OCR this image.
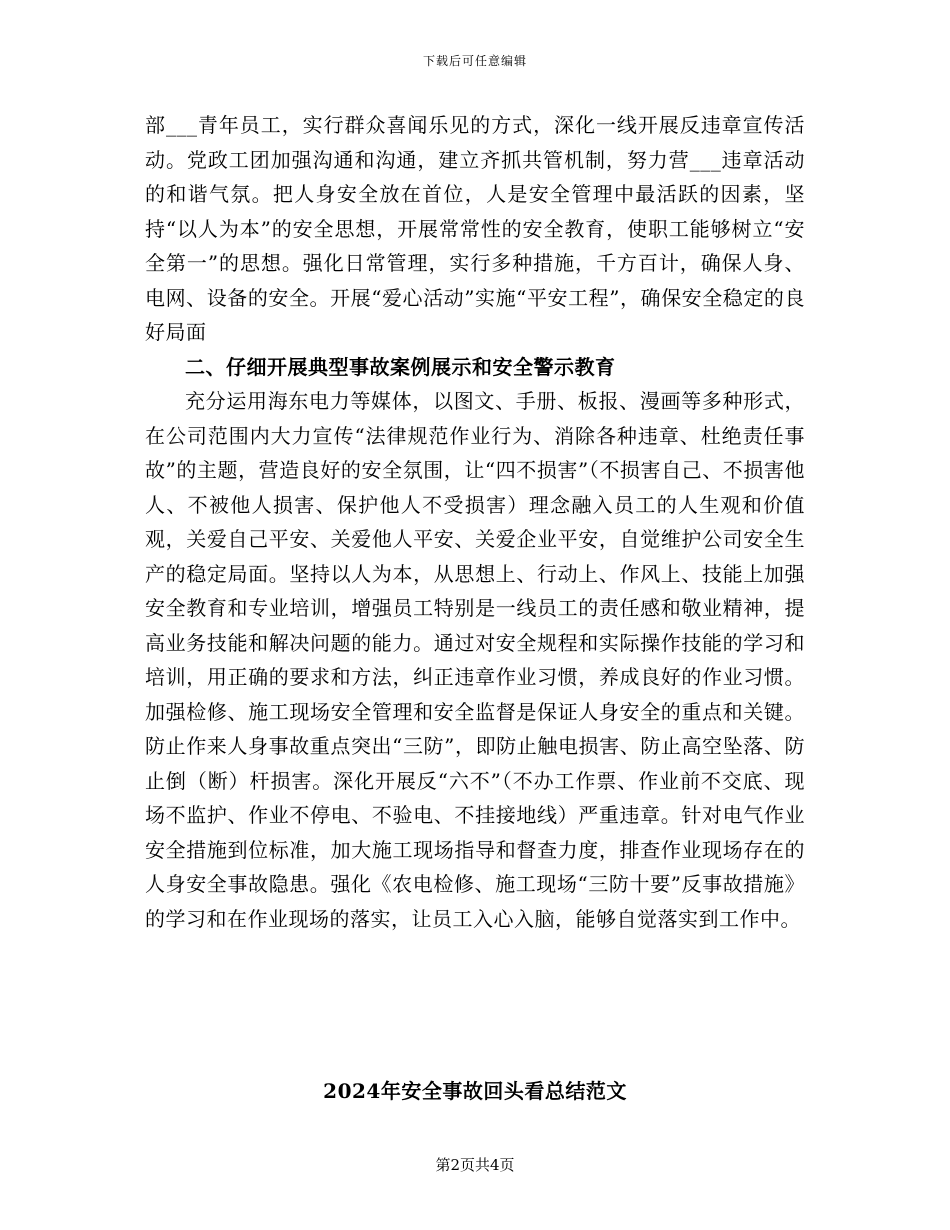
下载后可任意编辑

部___青年员工，实行群众喜闻乐见的方式，深化一线开展反违章宣传活动。党政工团加强沟通和沟通，建立齐抓共管机制，努力营___违章活动的和谐气氛。把人身安全放在首位，人是安全管理中最活跃的因素，坚持“以人为本”的安全思想，开展常常性的安全教育，使职工能够树立“安全第一”的思想。强化日常管理，实行多种措施，千方百计，确保人身、电网、设备的安全。开展“爱心活动”实施“平安工程”，确保安全稳定的良好局面

二、仔细开展典型事故案例展示和安全警示教育

充分运用海东电力等媒体，以图文、手册、板报、漫画等多种形式，在公司范围内大力宣传“法律规范作业行为、消除各种违章、杜绝责任事故”的主题，营造良好的安全氛围，让“四不损害”（不损害自己、不损害他人、不被他人损害、保护他人不受损害）理念融入员工的人生观和价值观，关爱自己平安、关爱他人平安、关爱企业平安，自觉维护公司安全生产的稳定局面。坚持以人为本，从思想上、行动上、作风上、技能上加强安全教育和专业培训，增强员工特别是一线员工的责任感和敬业精神，提高业务技能和解决问题的能力。通过对安全规程和实际操作技能的学习和培训，用正确的要求和方法，纠正违章作业习惯，养成良好的作业习惯。加强检修、施工现场安全管理和安全监督是保证人身安全的重点和关键。防止作来人身事故重点突出“三防”，即防止触电损害、防止高空坠落、防止倒（断）杆损害。深化开展反“六不”（不办工作票、作业前不交底、现场不监护、作业不停电、不验电、不挂接地线）严重违章。针对电气作业安全措施到位标准，加大施工现场指导和督查力度，排查作业现场存在的人身安全事故隐患。强化《农电检修、施工现场“三防十要”反事故措施》的学习和在作业现场的落实，让员工入心入脑，能够自觉落实到工作中。

2024年安全事故回头看总结范文
第2页共4页
